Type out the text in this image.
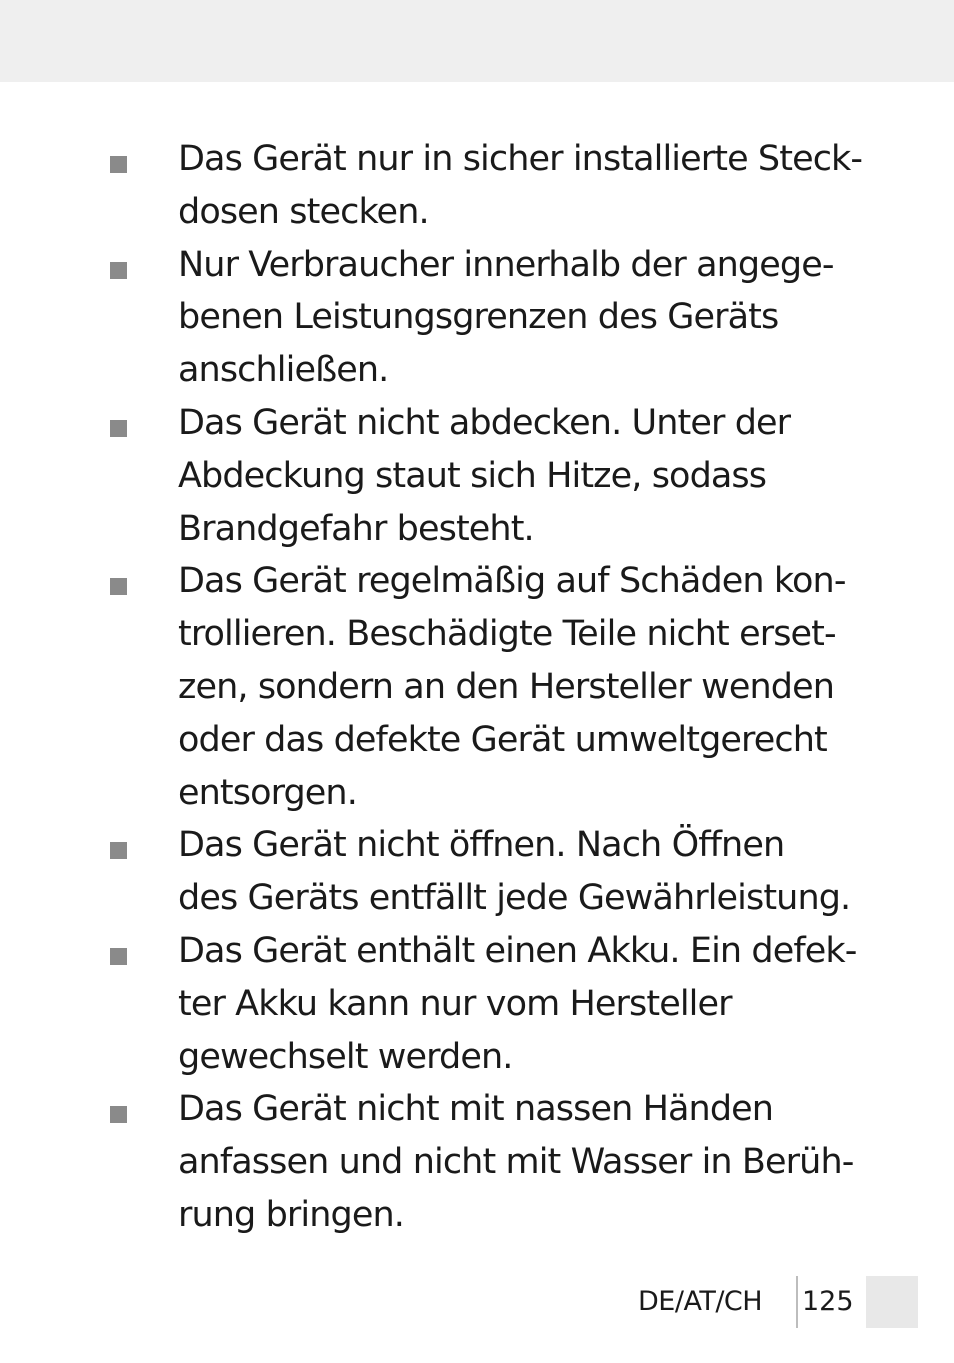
Das Gerät nur in sicher installierte Steck-
dosen stecken.
Nur Verbraucher innerhalb der angege-
benen Leistungsgrenzen des Geräts
anschließen.
Das Gerät nicht abdecken. Unter der
Abdeckung staut sich Hitze, sodass
Brandgefahr besteht.
Das Gerät regelmäßig auf Schäden kon-
trollieren. Beschädigte Teile nicht erset-
zen, sondern an den Hersteller wenden
oder das defekte Gerät umweltgerecht
entsorgen.
Das Gerät nicht öffnen. Nach Öffnen
des Geräts entfällt jede Gewährleistung.
Das Gerät enthält einen Akku. Ein defek-
ter Akku kann nur vom Hersteller
gewechselt werden.
Das Gerät nicht mit nassen Händen
anfassen und nicht mit Wasser in Berüh-
rung bringen.
DE/AT/CH 125
